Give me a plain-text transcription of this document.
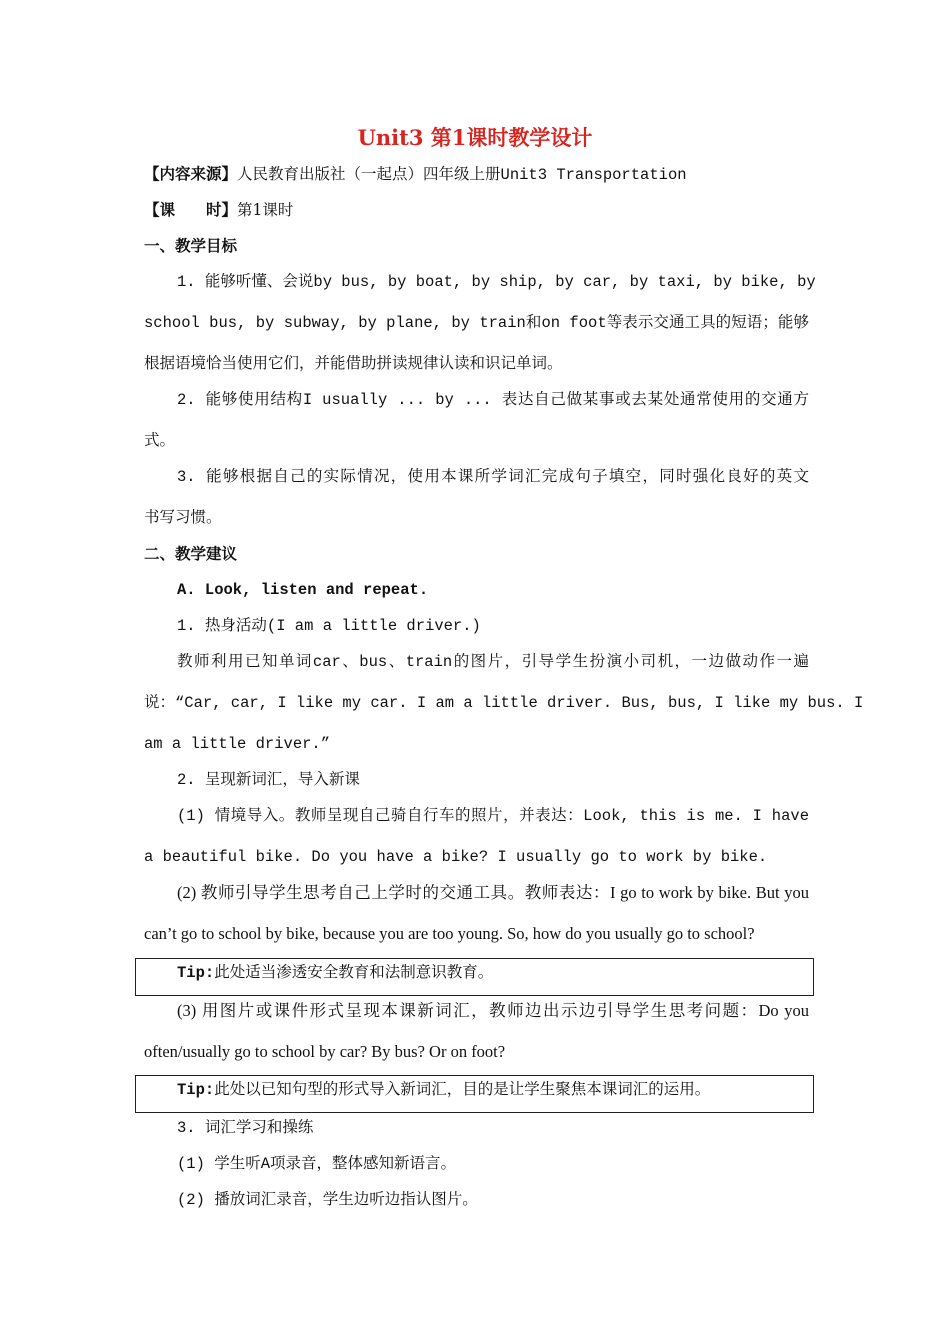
Unit3 第1课时教学设计
【内容来源】人民教育出版社（一起点）四年级上册Unit3 Transportation
【课　　时】第1课时
一、教学目标
1. 能够听懂、会说by bus, by boat, by ship, by car, by taxi, by bike, by
school bus, by subway, by plane, by train和on foot等表示交通工具的短语；能够
根据语境恰当使用它们，并能借助拼读规律认读和识记单词。
2. 能够使用结构I usually ... by ... 表达自己做某事或去某处通常使用的交通方
式。
3. 能够根据自己的实际情况，使用本课所学词汇完成句子填空，同时强化良好的英文
书写习惯。
二、教学建议
A. Look, listen and repeat.
1. 热身活动(I am a little driver.)
教师利用已知单词car、bus、train的图片，引导学生扮演小司机，一边做动作一遍
说：“Car, car, I like my car. I am a little driver. Bus, bus, I like my bus. I
am a little driver.”
2. 呈现新词汇，导入新课
(1) 情境导入。教师呈现自己骑自行车的照片，并表达：Look, this is me. I have
a beautiful bike. Do you have a bike? I usually go to work by bike.
(2) 教师引导学生思考自己上学时的交通工具。教师表达：I go to work by bike. But you
can’t go to school by bike, because you are too young. So, how do you usually go to school?
Tip:此处适当渗透安全教育和法制意识教育。
(3) 用图片或课件形式呈现本课新词汇，教师边出示边引导学生思考问题：Do you
often/usually go to school by car? By bus? Or on foot?
Tip:此处以已知句型的形式导入新词汇，目的是让学生聚焦本课词汇的运用。
3. 词汇学习和操练
(1) 学生听A项录音，整体感知新语言。
(2) 播放词汇录音，学生边听边指认图片。
